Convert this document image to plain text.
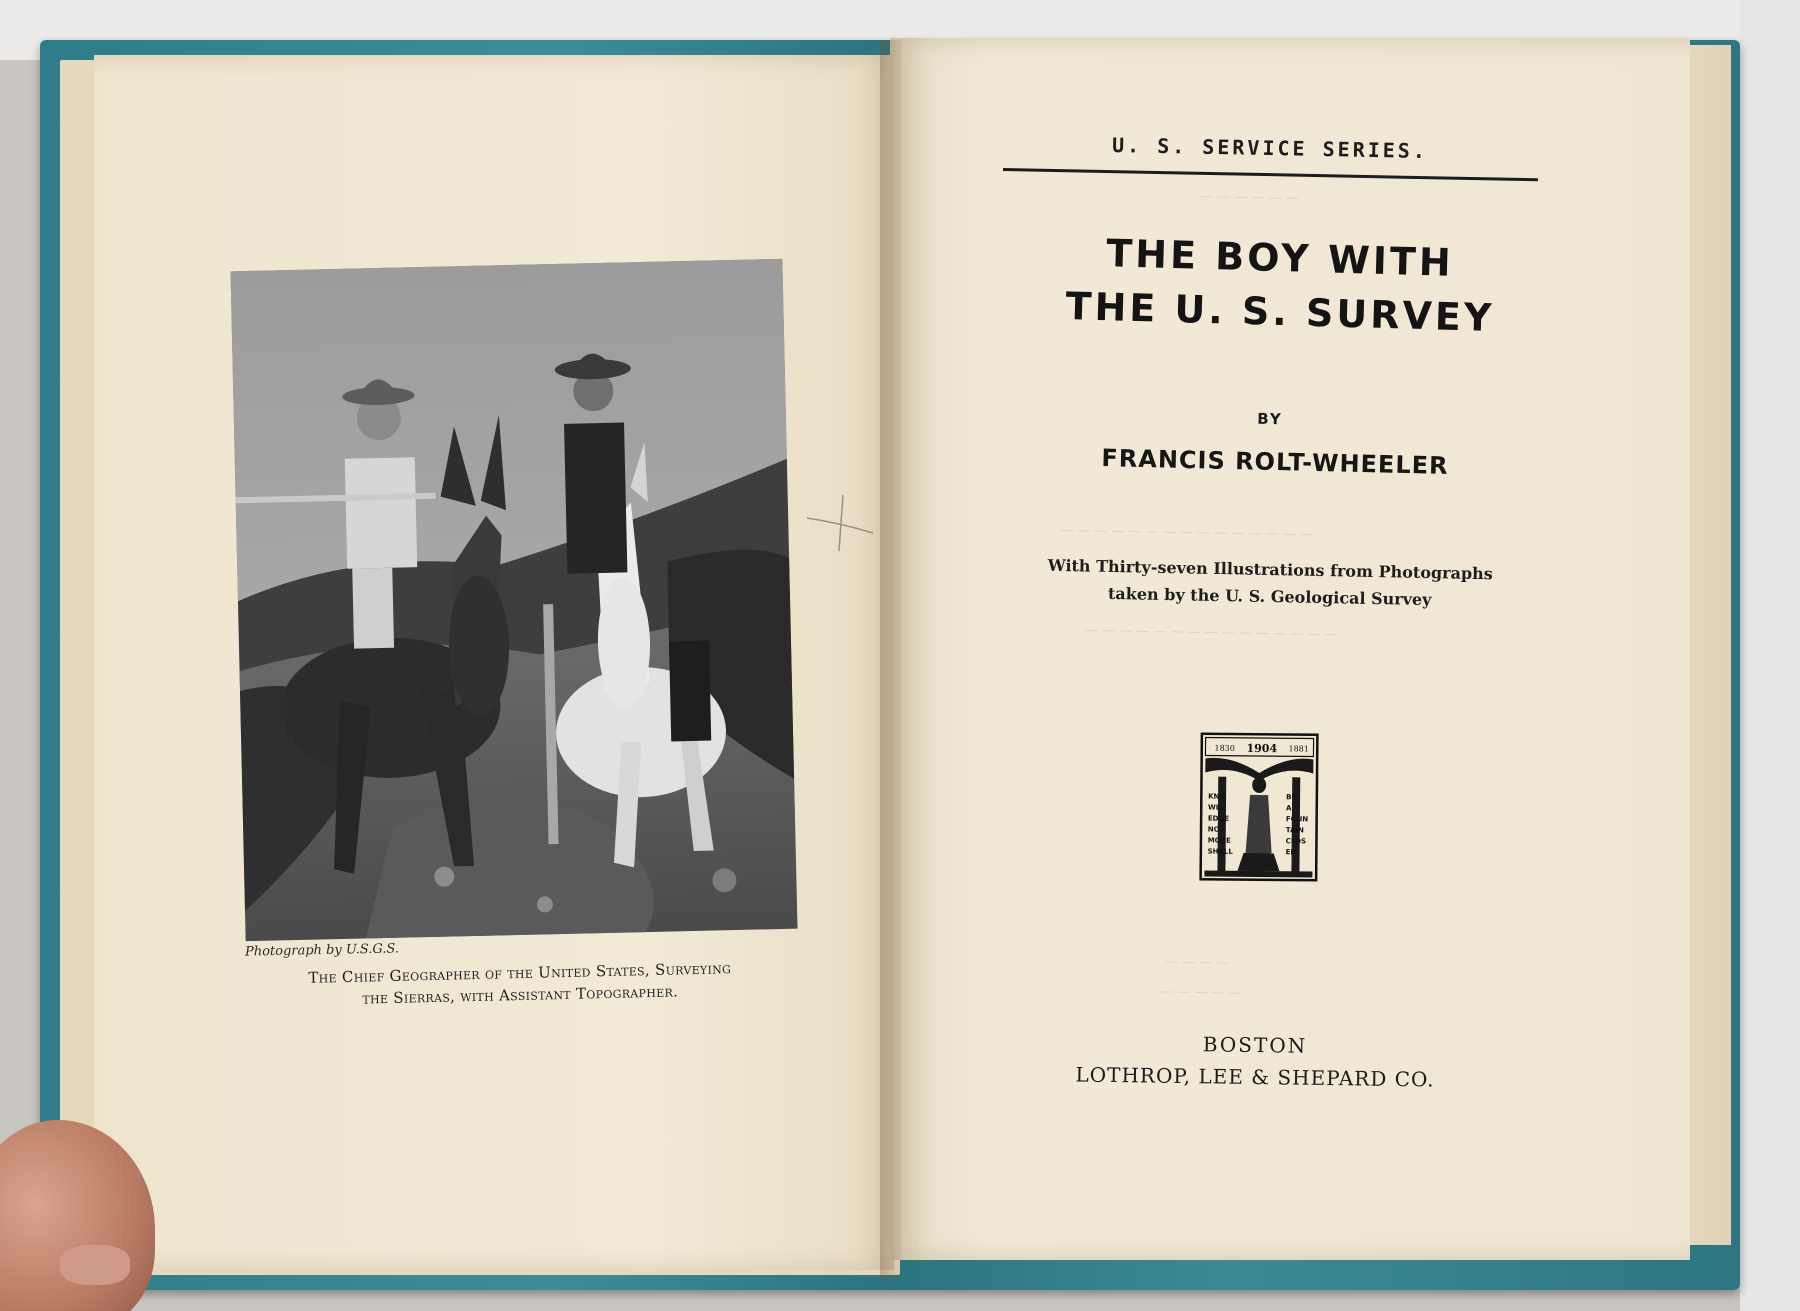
— — — — — —
— — — — — — — — — — — — — — —
— — — — — — — — — — — — — — —
— — — —
— — — — —
Photograph by U.S.G.S.
The Chief Geographer of the United States, Surveying
the Sierras, with Assistant Topographer.
U. S. SERVICE SERIES.
THE BOY WITH
THE U. S. SURVEY
BY
FRANCIS ROLT-WHEELER
With Thirty-seven Illustrations from Photographs
taken by the U. S. Geological Survey
1830 1904 1881
KNO
WL
EDGE
NO
MORE
SHALL
BE
A
FOUN
TAIN
CLOS
ED
BOSTON
LOTHROP, LEE & SHEPARD CO.
